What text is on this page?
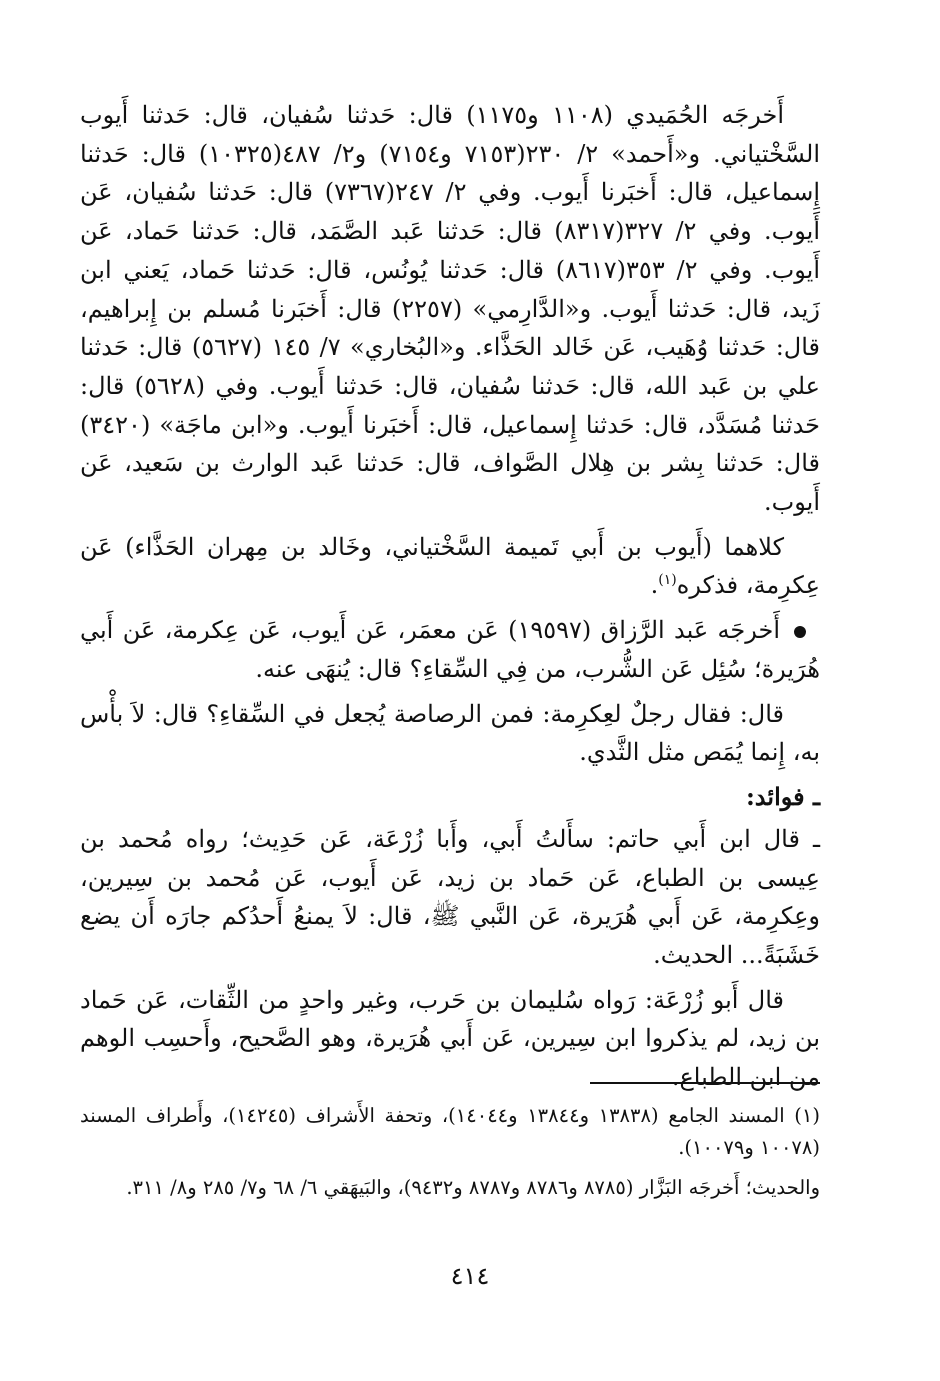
أَخرجَه الحُمَيدي (١١٠٨ و١١٧٥) قال: حَدثنا سُفيان، قال: حَدثنا أَيوب السَّخْتياني. و«أَحمد» ٢/ ٢٣٠(٧١٥٣ و٧١٥٤) و٢/ ٤٨٧(١٠٣٢٥) قال: حَدثنا إِسماعيل، قال: أَخبَرنا أَيوب. وفي ٢/ ٢٤٧(٧٣٦٧) قال: حَدثنا سُفيان، عَن أَيوب. وفي ٢/ ٣٢٧(٨٣١٧) قال: حَدثنا عَبد الصَّمَد، قال: حَدثنا حَماد، عَن أَيوب. وفي ٢/ ٣٥٣(٨٦١٧) قال: حَدثنا يُونُس، قال: حَدثنا حَماد، يَعني ابن زَيد، قال: حَدثنا أَيوب. و«الدَّارِمي» (٢٢٥٧) قال: أَخبَرنا مُسلم بن إِبراهيم، قال: حَدثنا وُهَيب، عَن خَالد الحَذَّاء. و«البُخاري» ٧/ ١٤٥ (٥٦٢٧) قال: حَدثنا علي بن عَبد الله، قال: حَدثنا سُفيان، قال: حَدثنا أَيوب. وفي (٥٦٢٨) قال: حَدثنا مُسَدَّد، قال: حَدثنا إِسماعيل، قال: أَخبَرنا أَيوب. و«ابن ماجَة» (٣٤٢٠) قال: حَدثنا بِشر بن هِلال الصَّواف، قال: حَدثنا عَبد الوارث بن سَعيد، عَن أَيوب.

كلاهما (أَيوب بن أَبي تَميمة السَّخْتياني، وخَالد بن مِهران الحَذَّاء) عَن عِكرِمة، فذكره$^{(١)}$.

أَخرجَه عَبد الرَّزاق (١٩٥٩٧) عَن معمَر، عَن أَيوب، عَن عِكرمة، عَن أَبي هُرَيرة؛ سُئِل عَن الشُّرب، من فِي السِّقاءِ؟ قال: يُنهَى عنه.

قال: فقال رجلٌ لعِكرِمة: فمن الرصاصة يُجعل في السِّقاءِ؟ قال: لاَ بأْس به، إِنما يُمَص مثل الثَّدي.

ـ فوائد:

ـ قال ابن أَبي حاتم: سأَلتُ أَبي، وأَبا زُرْعَة، عَن حَدِيث؛ رواه مُحمد بن عِيسى بن الطباع، عَن حَماد بن زيد، عَن أَيوب، عَن مُحمد بن سِيرين، وعِكرِمة، عَن أَبي هُرَيرة، عَن النَّبي ﷺ، قال: لاَ يمنعُ أَحدُكم جارَه أَن يضع خَشَبَةً... الحديث.

قال أَبو زُرْعَة: رَواه سُليمان بن حَرب، وغير واحدٍ من الثِّقات، عَن حَماد بن زيد، لم يذكروا ابن سِيرين، عَن أَبي هُرَيرة، وهو الصَّحيح، وأَحسِب الوهم من ابن الطباع.

(١) المسند الجامع (١٣٨٣٨ و١٣٨٤٤ و١٤٠٤٤)، وتحفة الأَشراف (١٤٢٤٥)، وأَطراف المسند (١٠٠٧٨ و١٠٠٧٩).

والحديث؛ أَخرجَه البَزَّار (٨٧٨٥ و٨٧٨٦ و٨٧٨٧ و٩٤٣٢)، والبَيهَقي ٦/ ٦٨ و٧/ ٢٨٥ و٨/ ٣١١.

٤١٤
